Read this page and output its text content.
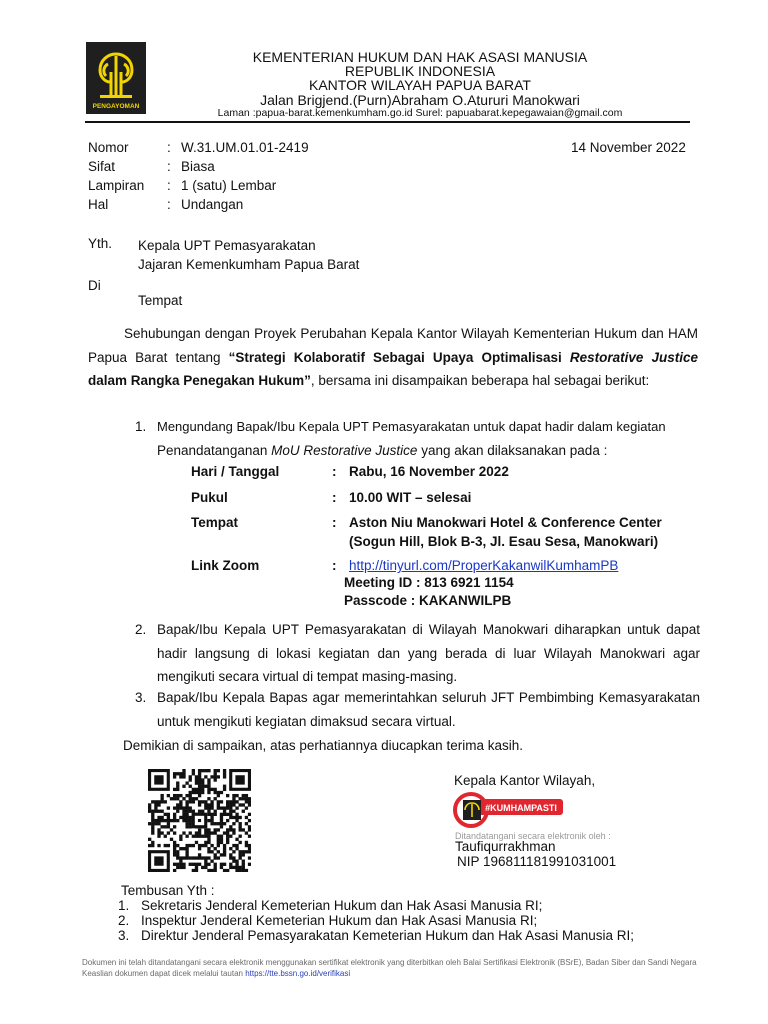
PENGAYOMAN
KEMENTERIAN HUKUM DAN HAK ASASI MANUSIA
REPUBLIK INDONESIA
KANTOR WILAYAH PAPUA BARAT
Jalan Brigjend.(Purn)Abraham O.Atururi Manokwari
Laman :papua-barat.kemenkumham.go.id Surel: papuabarat.kepegawaian@gmail.com
14 November 2022
Nomor	: W.31.UM.01.01-2419
Sifat	: Biasa
Lampiran : 1 (satu) Lembar
Hal	: Undangan
Yth. Kepala UPT Pemasyarakatan
Jajaran Kemenkumham Papua Barat
Di
Tempat
Sehubungan dengan Proyek Perubahan Kepala Kantor Wilayah Kementerian Hukum dan HAM Papua Barat tentang “Strategi Kolaboratif Sebagai Upaya Optimalisasi Restorative Justice dalam Rangka Penegakan Hukum”, bersama ini disampaikan beberapa hal sebagai berikut:
1. Mengundang Bapak/Ibu Kepala UPT Pemasyarakatan untuk dapat hadir dalam kegiatan
Penandatanganan MoU Restorative Justice yang akan dilaksanakan pada :
Hari / Tanggal	: Rabu, 16 November 2022
Pukul	: 10.00 WIT – selesai
Tempat	: Aston Niu Manokwari Hotel & Conference Center
(Sogun Hill, Blok B-3, Jl. Esau Sesa, Manokwari)
Link Zoom	: http://tinyurl.com/ProperKakanwilKumhamPB
Meeting ID : 813 6921 1154
Passcode : KAKANWILPB
2. Bapak/Ibu Kepala UPT Pemasyarakatan di Wilayah Manokwari diharapkan untuk dapat hadir langsung di lokasi kegiatan dan yang berada di luar Wilayah Manokwari agar mengikuti secara virtual di tempat masing-masing.
3. Bapak/Ibu Kepala Bapas agar memerintahkan seluruh JFT Pembimbing Kemasyarakatan untuk mengikuti kegiatan dimaksud secara virtual.
Demikian di sampaikan, atas perhatiannya diucapkan terima kasih.
Kepala Kantor Wilayah,
#KUMHAMPASTI
Ditandatangani secara elektronik oleh :
Taufiqurrakhman
NIP 196811181991031001
Tembusan Yth :
1. Sekretaris Jenderal Kemeterian Hukum dan Hak Asasi Manusia RI;
2. Inspektur Jenderal Kemeterian Hukum dan Hak Asasi Manusia RI;
3. Direktur Jenderal Pemasyarakatan Kemeterian Hukum dan Hak Asasi Manusia RI;
Dokumen ini telah ditandatangani secara elektronik menggunakan sertifikat elektronik yang diterbitkan oleh Balai Sertifikasi Elektronik (BSrE), Badan Siber dan Sandi Negara
Keaslian dokumen dapat dicek melalui tautan https://tte.bssn.go.id/verifikasi
